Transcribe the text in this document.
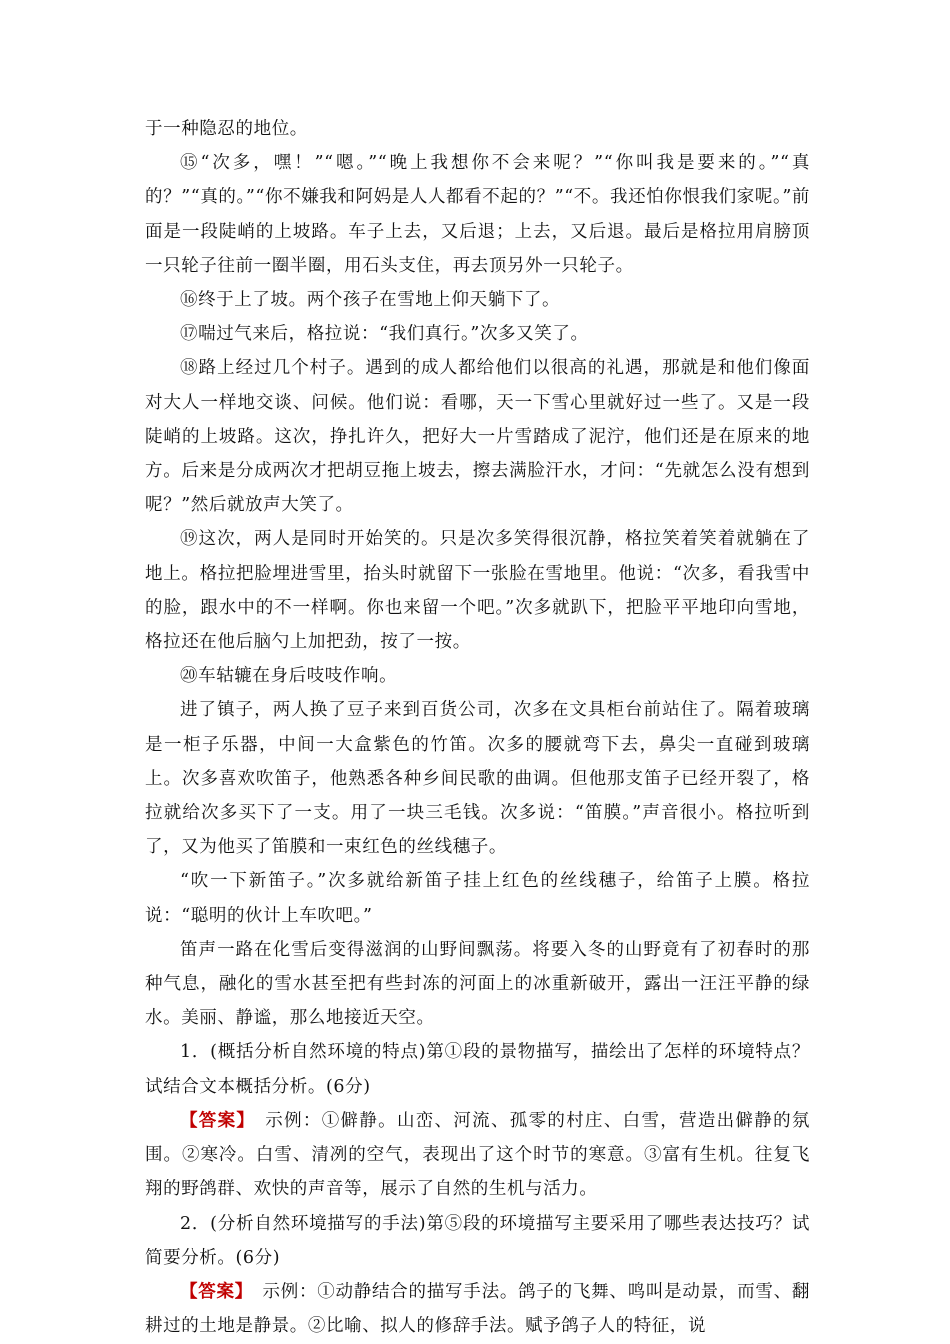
于一种隐忍的地位。

⑮“次多，嘿！”“嗯。”“晚上我想你不会来呢？”“你叫我是要来的。”“真的？”“真的。”“你不嫌我和阿妈是人人都看不起的？”“不。我还怕你恨我们家呢。”前面是一段陡峭的上坡路。车子上去，又后退；上去，又后退。最后是格拉用肩膀顶一只轮子往前一圈半圈，用石头支住，再去顶另外一只轮子。

⑯终于上了坡。两个孩子在雪地上仰天躺下了。

⑰喘过气来后，格拉说：“我们真行。”次多又笑了。

⑱路上经过几个村子。遇到的成人都给他们以很高的礼遇，那就是和他们像面对大人一样地交谈、问候。他们说：看哪，天一下雪心里就好过一些了。又是一段陡峭的上坡路。这次，挣扎许久，把好大一片雪踏成了泥泞，他们还是在原来的地方。后来是分成两次才把胡豆拖上坡去，擦去满脸汗水，才问：“先就怎么没有想到呢？”然后就放声大笑了。

⑲这次，两人是同时开始笑的。只是次多笑得很沉静，格拉笑着笑着就躺在了地上。格拉把脸埋进雪里，抬头时就留下一张脸在雪地里。他说：“次多，看我雪中的脸，跟水中的不一样啊。你也来留一个吧。”次多就趴下，把脸平平地印向雪地，格拉还在他后脑勺上加把劲，按了一按。

⑳车轱辘在身后吱吱作响。

进了镇子，两人换了豆子来到百货公司，次多在文具柜台前站住了。隔着玻璃是一柜子乐器，中间一大盒紫色的竹笛。次多的腰就弯下去，鼻尖一直碰到玻璃上。次多喜欢吹笛子，他熟悉各种乡间民歌的曲调。但他那支笛子已经开裂了，格拉就给次多买下了一支。用了一块三毛钱。次多说：“笛膜。”声音很小。格拉听到了，又为他买了笛膜和一束红色的丝线穗子。

“吹一下新笛子。”次多就给新笛子挂上红色的丝线穗子，给笛子上膜。格拉说：“聪明的伙计上车吹吧。”

笛声一路在化雪后变得滋润的山野间飘荡。将要入冬的山野竟有了初春时的那种气息，融化的雪水甚至把有些封冻的河面上的冰重新破开，露出一汪汪平静的绿水。美丽、静谧，那么地接近天空。

1．(概括分析自然环境的特点)第①段的景物描写，描绘出了怎样的环境特点？试结合文本概括分析。(6分)

【答案】　示例：①僻静。山峦、河流、孤零的村庄、白雪，营造出僻静的氛围。②寒冷。白雪、清冽的空气，表现出了这个时节的寒意。③富有生机。往复飞翔的野鸽群、欢快的声音等，展示了自然的生机与活力。

2．(分析自然环境描写的手法)第⑤段的环境描写主要采用了哪些表达技巧？试简要分析。(6分)

【答案】　示例：①动静结合的描写手法。鸽子的飞舞、鸣叫是动景，而雪、翻耕过的土地是静景。②比喻、拟人的修辞手法。赋予鸽子人的特征，说
